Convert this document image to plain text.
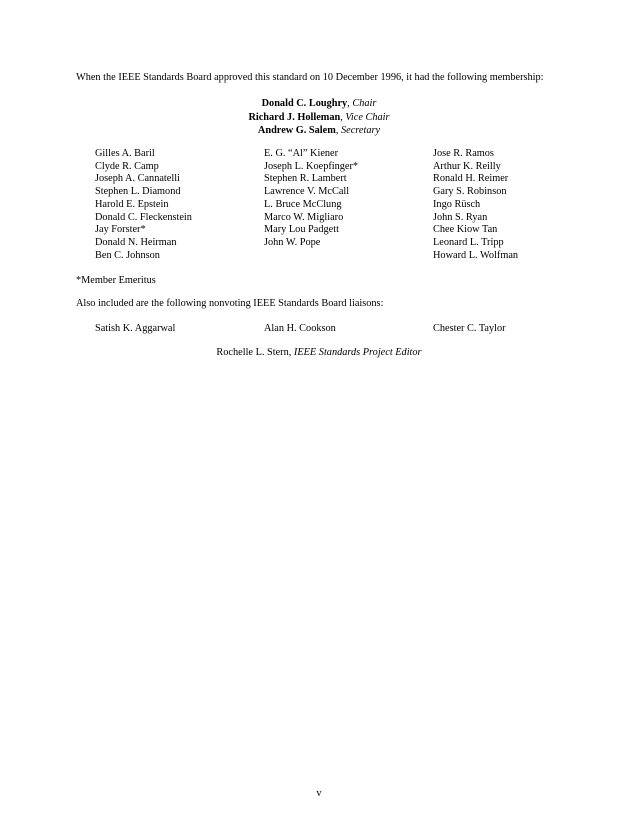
When the IEEE Standards Board approved this standard on 10 December 1996, it had the following membership:
Donald C. Loughry, Chair
Richard J. Holleman, Vice Chair
Andrew G. Salem, Secretary
Gilles A. Baril
Clyde R. Camp
Joseph A. Cannatelli
Stephen L. Diamond
Harold E. Epstein
Donald C. Fleckenstein
Jay Forster*
Donald N. Heirman
Ben C. Johnson
E. G. “Al” Kiener
Joseph L. Koepfinger*
Stephen R. Lambert
Lawrence V. McCall
L. Bruce McClung
Marco W. Migliaro
Mary Lou Padgett
John W. Pope
Jose R. Ramos
Arthur K. Reilly
Ronald H. Reimer
Gary S. Robinson
Ingo Rüsch
John S. Ryan
Chee Kiow Tan
Leonard L. Tripp
Howard L. Wolfman
*Member Emeritus
Also included are the following nonvoting IEEE Standards Board liaisons:
Satish K. Aggarwal	Alan H. Cookson	Chester C. Taylor
Rochelle L. Stern, IEEE Standards Project Editor
v
